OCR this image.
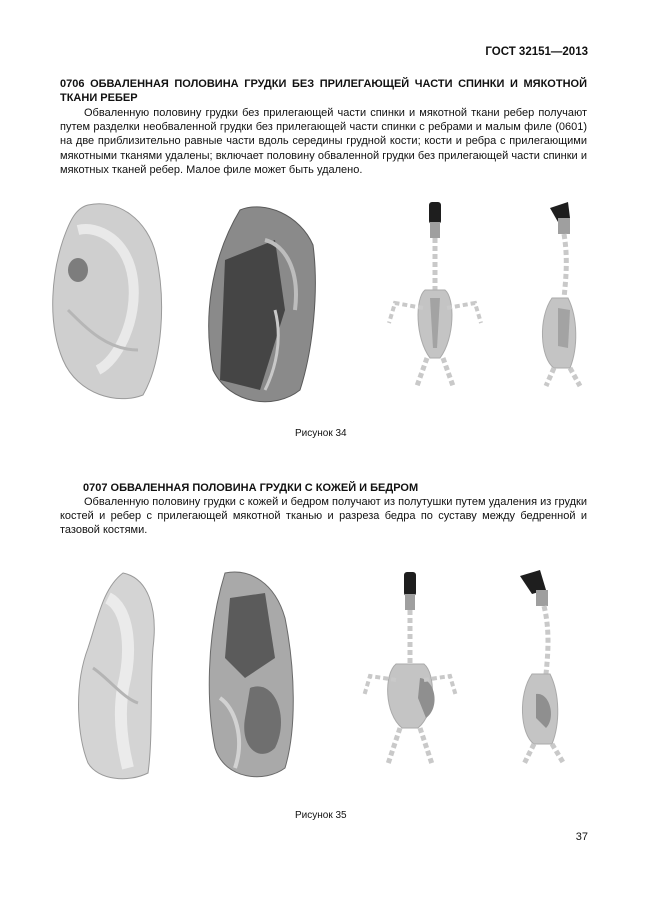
ГОСТ 32151—2013
0706 ОБВАЛЕННАЯ ПОЛОВИНА ГРУДКИ БЕЗ ПРИЛЕГАЮЩЕЙ ЧАСТИ СПИНКИ И МЯКОТНОЙ ТКАНИ РЕБЕР
Обваленную половину грудки без прилегающей части спинки и мякотной ткани ребер получают путем разделки необваленной грудки без прилегающей части спинки с ребрами и малым филе (0601) на две приблизительно равные части вдоль середины грудной кости; кости и ребра с прилегающими мякотными тканями удалены; включает половину обваленной грудки без прилегающей части спинки и мякотных тканей ребер. Малое филе может быть удалено.
Рисунок 34
0707 ОБВАЛЕННАЯ ПОЛОВИНА ГРУДКИ С КОЖЕЙ И БЕДРОМ
Обваленную половину грудки с кожей и бедром получают из полутушки путем удаления из грудки костей и ребер с прилегающей мякотной тканью и разреза бедра по суставу между бедренной и тазовой костями.
Рисунок 35
37
